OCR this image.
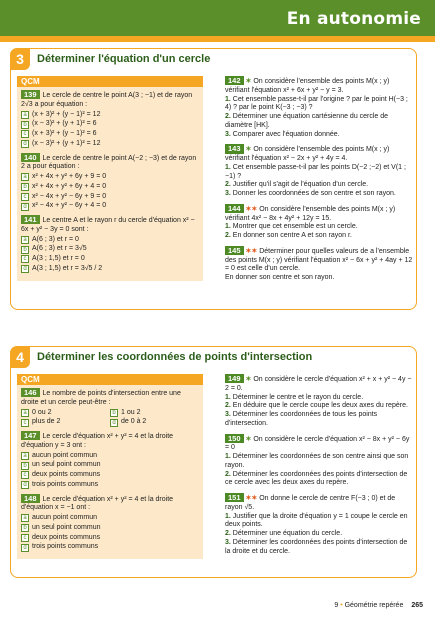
En autonomie
3	Déterminer l'équation d'un cercle
QCM
139 Le cercle de centre le point A(3 ; −1) et de rayon 2√3 a pour équation :
a (x + 3)² + (y − 1)² = 12
b (x − 3)² + (y + 1)² = 6
c (x + 3)² + (y − 1)² = 6
d (x − 3)² + (y + 1)² = 12
140 Le cercle de centre le point A(−2 ; −3) et de rayon 2 a pour équation :
a x² + 4x + y² + 6y + 9 = 0
b x² + 4x + y² + 6y + 4 = 0
c x² − 4x + y² − 6y + 9 = 0
d x² − 4x + y² − 6y + 4 = 0
141 Le centre A et le rayon r du cercle d'équation x² − 6x + y² − 3y = 0 sont :
a A(6 ; 3) et r = 0
b A(6 ; 3) et r = 3√5
c A(3 ; 1,5) et r = 0
d A(3 ; 1,5) et r = 3√5 / 2

142 ✶ On considère l'ensemble des points M(x ; y) vérifiant l'équation x² + 6x + y² − y = 3.

1. Cet ensemble passe-t-il par l'origine ? par le point H(−3 ; 4) ? par le point K(−3 ; −3) ?

2. Déterminer une équation cartésienne du cercle de diamètre [HK].

3. Comparer avec l'équation donnée.

143 ✶ On considère l'ensemble des points M(x ; y) vérifiant l'équation x² − 2x + y² + 4y = 4.

1. Cet ensemble passe-t-il par les points D(−2 ;−2) et V(1 ; −1) ?

2. Justifier qu'il s'agit de l'équation d'un cercle.

3. Donner les coordonnées de son centre et son rayon.

144 ✶✶ On considère l'ensemble des points M(x ; y) vérifiant 4x² − 8x + 4y² + 12y = 15.

1. Montrer que cet ensemble est un cercle.

2. En donner son centre A et son rayon r.

145 ✶✶ Déterminer pour quelles valeurs de a l'ensemble des points M(x ; y) vérifiant l'équation x² − 6x + y² + 4ay + 12 = 0 est celle d'un cercle.

En donner son centre et son rayon.

4	Déterminer les coordonnées de points d'intersection
QCM
146 Le nombre de points d'intersection entre une droite et un cercle peut-être :
a 0 ou 2	b 1 ou 2
c plus de 2	d de 0 à 2
147 Le cercle d'équation x² + y² = 4 et la droite d'équation y = 3 ont :
a aucun point commun
b un seul point commun
c deux points communs
d trois points communs
148 Le cercle d'équation x² + y² = 4 et la droite d'équation x = −1 ont :
a aucun point commun
b un seul point commun
c deux points communs
d trois points communs

149 ✶ On considère le cercle d'équation x² + x + y² − 4y − 2 = 0.

1. Déterminer le centre et le rayon du cercle.

2. En déduire que le cercle coupe les deux axes du repère.

3. Déterminer les coordonnées de tous les points d'intersection.

150 ✶ On considère le cercle d'équation x² − 8x + y² − 6y = 0

1. Déterminer les coordonnées de son centre ainsi que son rayon.

2. Déterminer les coordonnées des points d'intersection de ce cercle avec les deux axes du repère.

151 ✶✶ On donne le cercle de centre F(−3 ; 0) et de rayon √5.

1. Justifier que la droite d'équation y = 1 coupe le cercle en deux points.

2. Déterminer une équation du cercle.

3. Déterminer les coordonnées des points d'intersection de la droite et du cercle.

9 • Géométrie repérée 265
